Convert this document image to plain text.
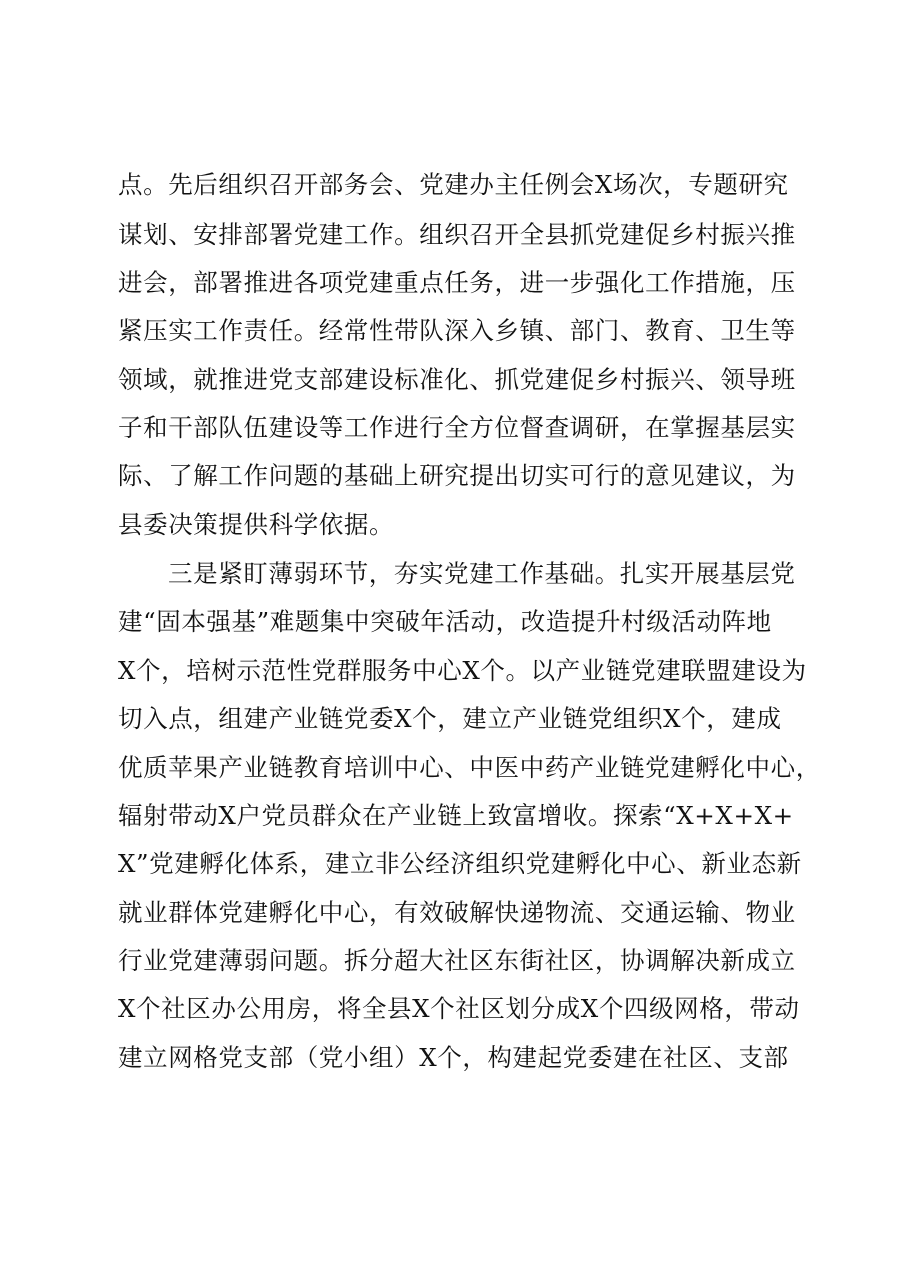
点。先后组织召开部务会、党建办主任例会X场次，专题研究
谋划、安排部署党建工作。组织召开全县抓党建促乡村振兴推
进会，部署推进各项党建重点任务，进一步强化工作措施，压
紧压实工作责任。经常性带队深入乡镇、部门、教育、卫生等
领域，就推进党支部建设标准化、抓党建促乡村振兴、领导班
子和干部队伍建设等工作进行全方位督查调研，在掌握基层实
际、了解工作问题的基础上研究提出切实可行的意见建议，为
县委决策提供科学依据。
三是紧盯薄弱环节，夯实党建工作基础。扎实开展基层党
建“固本强基”难题集中突破年活动，改造提升村级活动阵地
X个，培树示范性党群服务中心X个。以产业链党建联盟建设为
切入点，组建产业链党委X个，建立产业链党组织X个，建成
优质苹果产业链教育培训中心、中医中药产业链党建孵化中心，
辐射带动X户党员群众在产业链上致富增收。探索“X+X+X+
X”党建孵化体系，建立非公经济组织党建孵化中心、新业态新
就业群体党建孵化中心，有效破解快递物流、交通运输、物业
行业党建薄弱问题。拆分超大社区东街社区，协调解决新成立
X个社区办公用房，将全县X个社区划分成X个四级网格，带动
建立网格党支部（党小组）X个，构建起党委建在社区、支部
